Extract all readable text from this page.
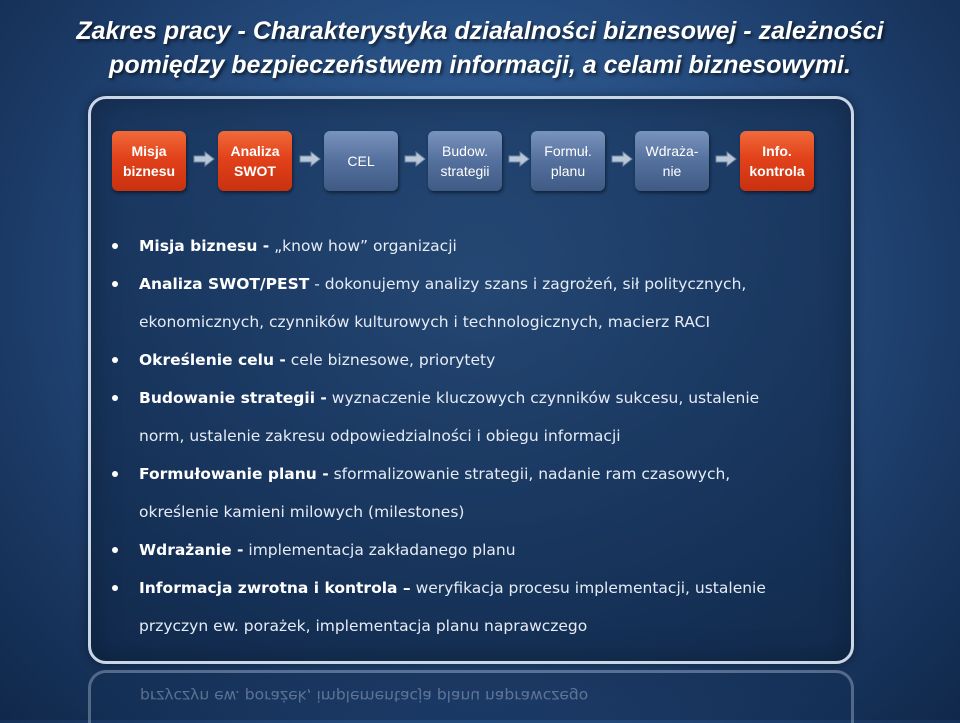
Zakres pracy - Charakterystyka działalności biznesowej - zależności
pomiędzy bezpieczeństwem informacji, a celami biznesowymi.
Misja
biznesu
Analiza
SWOT
CEL
Budow.
strategii
Formuł.
planu
Wdraża-
nie
Info.
kontrola
Misja biznesu - „know how” organizacji
Analiza SWOT/PEST - dokonujemy analizy szans i zagrożeń, sił politycznych,
ekonomicznych, czynników kulturowych i technologicznych, macierz RACI
Określenie celu - cele biznesowe, priorytety
Budowanie strategii - wyznaczenie kluczowych czynników sukcesu, ustalenie
norm, ustalenie zakresu odpowiedzialności i obiegu informacji
Formułowanie planu - sformalizowanie strategii, nadanie ram czasowych,
określenie kamieni milowych (milestones)
Wdrażanie - implementacja zakładanego planu
Informacja zwrotna i kontrola – weryfikacja procesu implementacji, ustalenie
przyczyn ew. porażek, implementacja planu naprawczego
przyczyn ew. porażek, implementacja planu naprawczego
